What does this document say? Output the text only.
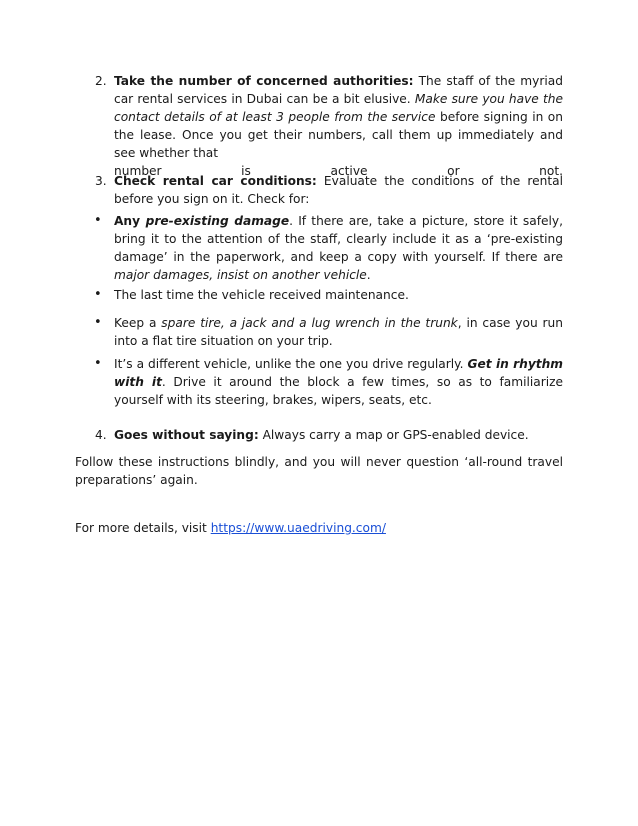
2. Take the number of concerned authorities: The staff of the myriad car rental services in Dubai can be a bit elusive. Make sure you have the contact details of at least 3 people from the service before signing in on the lease. Once you get their numbers, call them up immediately and see whether that
number	is	active	or	not.
3. Check rental car conditions: Evaluate the conditions of the rental before you sign on it. Check for:
• Any pre-existing damage. If there are, take a picture, store it safely, bring it to the attention of the staff, clearly include it as a ‘pre-existing damage’ in the paperwork, and keep a copy with yourself. If there are major damages, insist on another vehicle.
• The last time the vehicle received maintenance.
• Keep a spare tire, a jack and a lug wrench in the trunk, in case you run into a flat tire situation on your trip.
• It’s a different vehicle, unlike the one you drive regularly. Get in rhythm with it. Drive it around the block a few times, so as to familiarize yourself with its steering, brakes, wipers, seats, etc.
4. Goes without saying: Always carry a map or GPS-enabled device.
Follow these instructions blindly, and you will never question ‘all-round travel preparations’ again.
For more details, visit https://www.uaedriving.com/
